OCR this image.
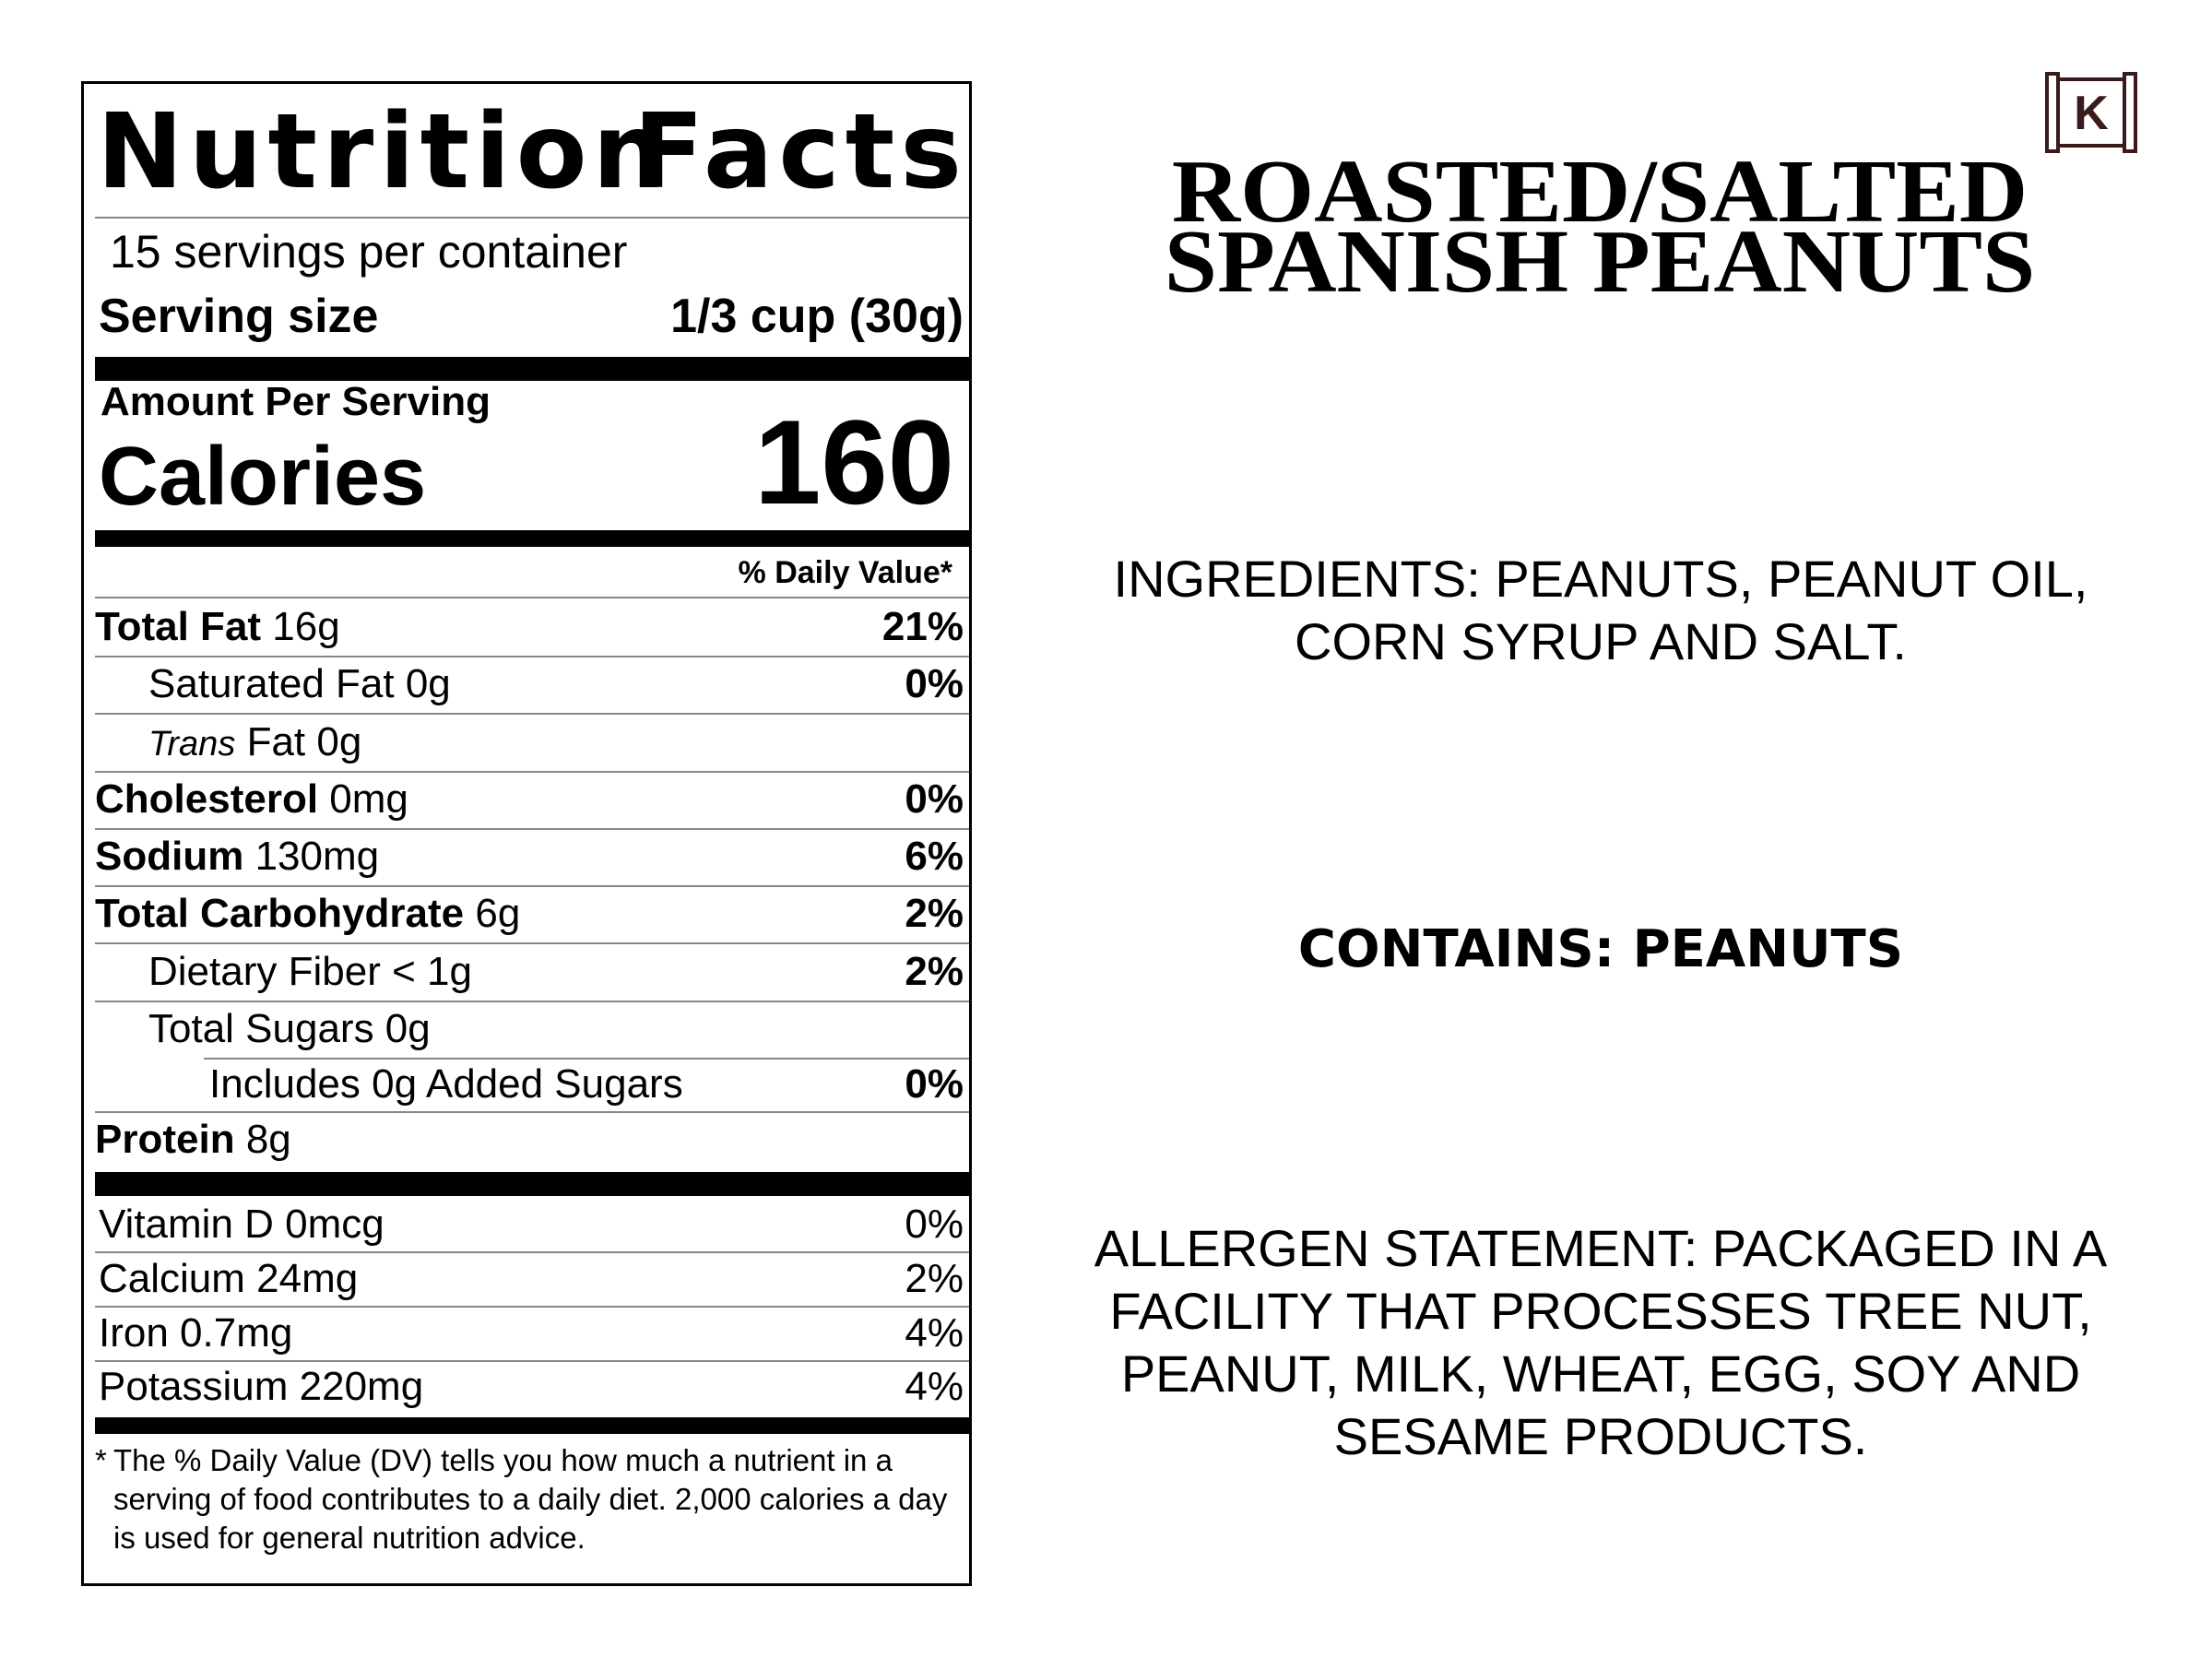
Nutrition
Facts
15 servings per container
Serving size	1/3 cup (30g)
Amount Per Serving
Calories	160
% Daily Value*
Total Fat 16g	21%
Saturated Fat 0g	0%
Trans Fat 0g
Cholesterol 0mg	0%
Sodium 130mg	6%
Total Carbohydrate 6g	2%
Dietary Fiber < 1g	2%
Total Sugars 0g
Includes 0g Added Sugars	0%
Protein 8g
Vitamin D 0mcg	0%
Calcium 24mg	2%
Iron 0.7mg	4%
Potassium 220mg	4%
* The % Daily Value (DV) tells you how much a nutrient in a serving of food contributes to a daily diet. 2,000 calories a day is used for general nutrition advice.
ROASTED/SALTED
SPANISH PEANUTS
K
INGREDIENTS: PEANUTS, PEANUT OIL,
CORN SYRUP AND SALT.
CONTAINS: PEANUTS
ALLERGEN STATEMENT: PACKAGED IN A
FACILITY THAT PROCESSES TREE NUT,
PEANUT, MILK, WHEAT, EGG, SOY AND
SESAME PRODUCTS.
